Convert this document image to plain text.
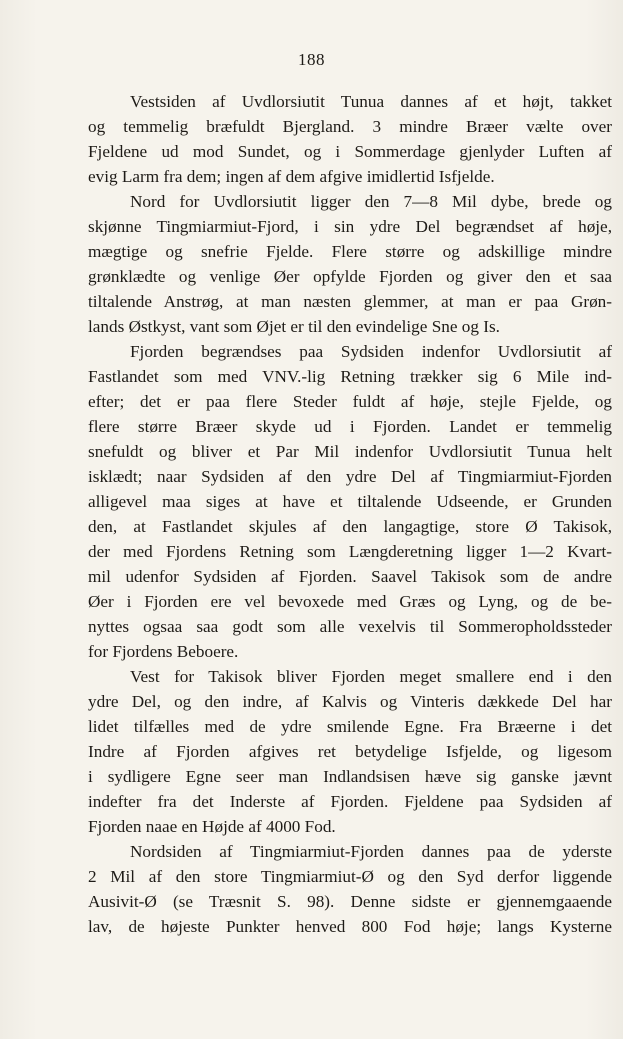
188
Vestsiden af Uvdlorsiutit Tunua dannes af et højt, takket
og temmelig bræfuldt Bjergland. 3 mindre Bræer vælte over
Fjeldene ud mod Sundet, og i Sommerdage gjenlyder Luften af
evig Larm fra dem; ingen af dem afgive imidlertid Isfjelde.
Nord for Uvdlorsiutit ligger den 7—8 Mil dybe, brede og
skjønne Tingmiarmiut-Fjord, i sin ydre Del begrændset af høje,
mægtige og snefrie Fjelde. Flere større og adskillige mindre
grønklædte og venlige Øer opfylde Fjorden og giver den et saa
tiltalende Anstrøg, at man næsten glemmer, at man er paa Grøn-
lands Østkyst, vant som Øjet er til den evindelige Sne og Is.
Fjorden begrændses paa Sydsiden indenfor Uvdlorsiutit af
Fastlandet som med VNV.-lig Retning trækker sig 6 Mile ind-
efter; det er paa flere Steder fuldt af høje, stejle Fjelde, og
flere større Bræer skyde ud i Fjorden. Landet er temmelig
snefuldt og bliver et Par Mil indenfor Uvdlorsiutit Tunua helt
isklædt; naar Sydsiden af den ydre Del af Tingmiarmiut-Fjorden
alligevel maa siges at have et tiltalende Udseende, er Grunden
den, at Fastlandet skjules af den langagtige, store Ø Takisok,
der med Fjordens Retning som Længderetning ligger 1—2 Kvart-
mil udenfor Sydsiden af Fjorden. Saavel Takisok som de andre
Øer i Fjorden ere vel bevoxede med Græs og Lyng, og de be-
nyttes ogsaa saa godt som alle vexelvis til Sommeropholdssteder
for Fjordens Beboere.
Vest for Takisok bliver Fjorden meget smallere end i den
ydre Del, og den indre, af Kalvis og Vinteris dækkede Del har
lidet tilfælles med de ydre smilende Egne. Fra Bræerne i det
Indre af Fjorden afgives ret betydelige Isfjelde, og ligesom
i sydligere Egne seer man Indlandsisen hæve sig ganske jævnt
indefter fra det Inderste af Fjorden. Fjeldene paa Sydsiden af
Fjorden naae en Højde af 4000 Fod.
Nordsiden af Tingmiarmiut-Fjorden dannes paa de yderste
2 Mil af den store Tingmiarmiut-Ø og den Syd derfor liggende
Ausivit-Ø (se Træsnit S. 98). Denne sidste er gjennemgaaende
lav, de højeste Punkter henved 800 Fod høje; langs Kysterne
